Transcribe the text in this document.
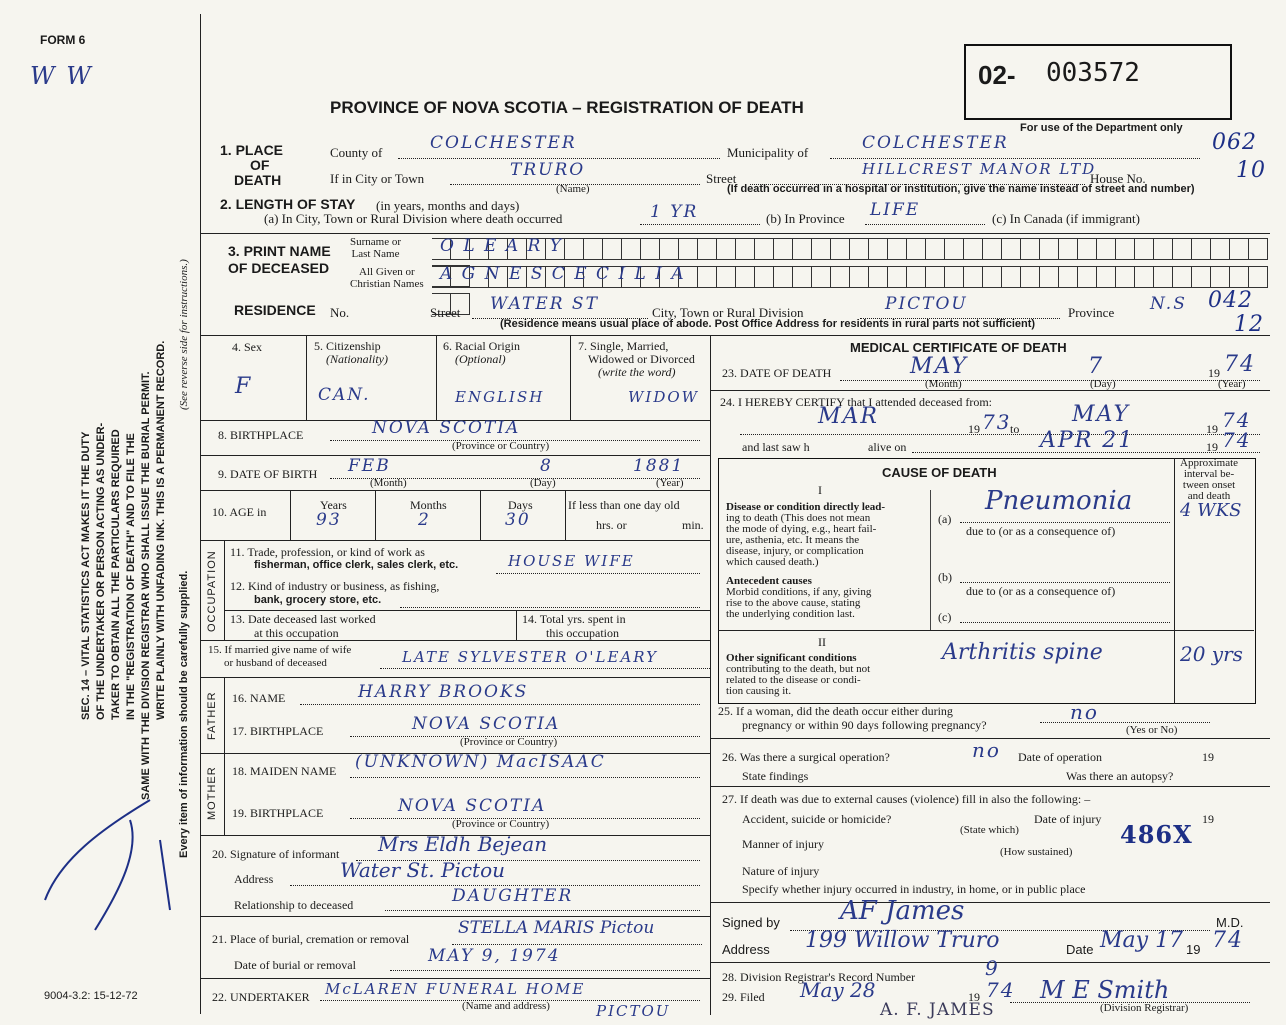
FORM 6
W W
PROVINCE OF NOVA SCOTIA – REGISTRATION OF DEATH
02- 003572
For use of the Department only
9004-3.2: 15-12-72
SEC. 14 – VITAL STATISTICS ACT MAKES IT THE DUTY OF THE UNDERTAKER OR PERSON ACTING AS UNDER- TAKER TO OBTAIN ALL THE PARTICULARS REQUIRED IN THE "REGISTRATION OF DEATH" AND TO FILE THE SAME WITH THE DIVISION REGISTRAR WHO SHALL ISSUE THE BURIAL PERMIT. WRITE PLAINLY WITH UNFADING INK. THIS IS A PERMANENT RECORD.
(See reverse side for instructions.)
Every item of information should be carefully supplied.
1. PLACE
OF
DEATH
County of	COLCHESTER	Municipality of	COLCHESTER	062
If in City or Town	TRURO
(Name)
Street
HILLCREST MANOR LTD
House No.	10
(If death occurred in a hospital or institution, give the name instead of street and number)
2. LENGTH OF STAY (in years, months and days)
(a) In City, Town or Rural Division where death occurred	1 YR	(b) In Province LIFE	(c) In Canada (if immigrant)
3. PRINT NAME
OF DECEASED
Surname or
Last Name
All Given or
Christian Names
O L E A R Y
A G N E S C E C I L I A
RESIDENCE No.	Street WATER ST	City, Town or Rural Division	PICTOU	Province N.S 042
12
(Residence means usual place of abode. Post Office Address for residents in rural parts not sufficient)
4. Sex
F
5. Citizenship
(Nationality)
CAN.
6. Racial Origin
(Optional)
ENGLISH
7. Single, Married,
Widowed or Divorced
(write the word)
WIDOW
8. BIRTHPLACE	NOVA SCOTIA
(Province or Country)
9. DATE OF BIRTH FEB	8	1881
(Month)	(Day)	(Year)
10. AGE in	Years	Months	Days
93	2	30
If less than one day old
hrs. or	min.
OCCUPATION 11. Trade, profession, or kind of work as
fisherman, office clerk, sales clerk, etc.	HOUSE WIFE
12. Kind of industry or business, as fishing,
bank, grocery store, etc.
13. Date deceased last worked
at this occupation
14. Total yrs. spent in
this occupation
15. If married give name of wife
or husband of deceased	LATE SYLVESTER O'LEARY
FATHER 16. NAME	HARRY BROOKS
17. BIRTHPLACE	NOVA SCOTIA
(Province or Country)
MOTHER 18. MAIDEN NAME (UNKNOWN) MacISAAC
19. BIRTHPLACE	NOVA SCOTIA
(Province or Country)
20. Signature of informant Mrs Eldh Bejean
Address	Water St. Pictou
Relationship to deceased	DAUGHTER
21. Place of burial, cremation or removal
STELLA MARIS Pictou
Date of burial or removal	MAY 9, 1974
22. UNDERTAKER McLAREN FUNERAL HOME
(Name and address)	PICTOU
MEDICAL CERTIFICATE OF DEATH
23. DATE OF DEATH	MAY	7	19 74
(Month)	(Day)	(Year)
24. I HEREBY CERTIFY that I attended deceased from:
MAR	19 73
to
MAY
19 74
and last saw h	alive on	APR 21	19 74
CAUSE OF DEATH
Approximate
interval be-
tween onset
and death
I
Disease or condition directly lead-
ing to death (This does not mean
the mode of dying, e.g., heart fail-
ure, asthenia, etc. It means the
disease, injury, or complication
which caused death.)
(a)
Pneumonia	4 WKS
due to (or as a consequence of)
Antecedent causes
Morbid conditions, if any, giving
rise to the above cause, stating
the underlying condition last.
(b)
due to (or as a consequence of)
(c)
II
Other significant conditions
contributing to the death, but not
related to the disease or condi-
tion causing it.
Arthritis spine	20 yrs
25. If a woman, did the death occur either during
pregnancy or within 90 days following pregnancy?
no
(Yes or No)
26. Was there a surgical operation?	no Date of operation	19
State findings	Was there an autopsy?
27. If death was due to external causes (violence) fill in also the following: –
Accident, suicide or homicide?
(State which)
Date of injury	19
486X
Manner of injury
(How sustained)
Nature of injury
Specify whether injury occurred in industry, in home, or in public place
Signed by AF James	M.D.
Address 199 Willow Truro	Date May 17 19 74
28. Division Registrar's Record Number	9
29. Filed May 28	19 74 M E Smith
(Division Registrar)
A. F. JAMES
